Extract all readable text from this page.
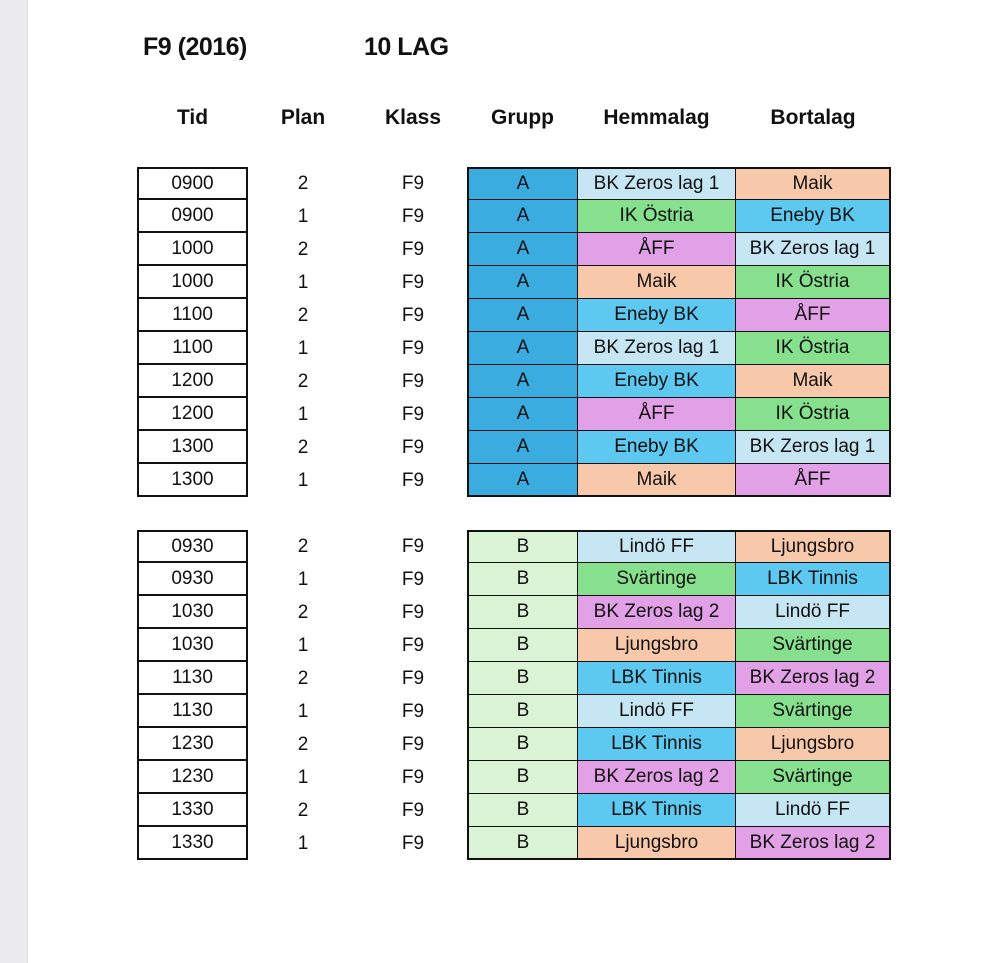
F9 (2016)	10 LAG
Tid	Plan	Klass	Grupp	Hemmalag	Bortalag
0900	2	F9	A	BK Zeros lag 1	Maik
0900	1	F9	A	IK Östria	Eneby BK
1000	2	F9	A	ÅFF	BK Zeros lag 1
1000	1	F9	A	Maik	IK Östria
1100	2	F9	A	Eneby BK	ÅFF
1100	1	F9	A	BK Zeros lag 1	IK Östria
1200	2	F9	A	Eneby BK	Maik
1200	1	F9	A	ÅFF	IK Östria
1300	2	F9	A	Eneby BK	BK Zeros lag 1
1300	1	F9	A	Maik	ÅFF
0930	2	F9	B	Lindö FF	Ljungsbro
0930	1	F9	B	Svärtinge	LBK Tinnis
1030	2	F9	B	BK Zeros lag 2	Lindö FF
1030	1	F9	B	Ljungsbro	Svärtinge
1130	2	F9	B	LBK Tinnis	BK Zeros lag 2
1130	1	F9	B	Lindö FF	Svärtinge
1230	2	F9	B	LBK Tinnis	Ljungsbro
1230	1	F9	B	BK Zeros lag 2	Svärtinge
1330	2	F9	B	LBK Tinnis	Lindö FF
1330	1	F9	B	Ljungsbro	BK Zeros lag 2
